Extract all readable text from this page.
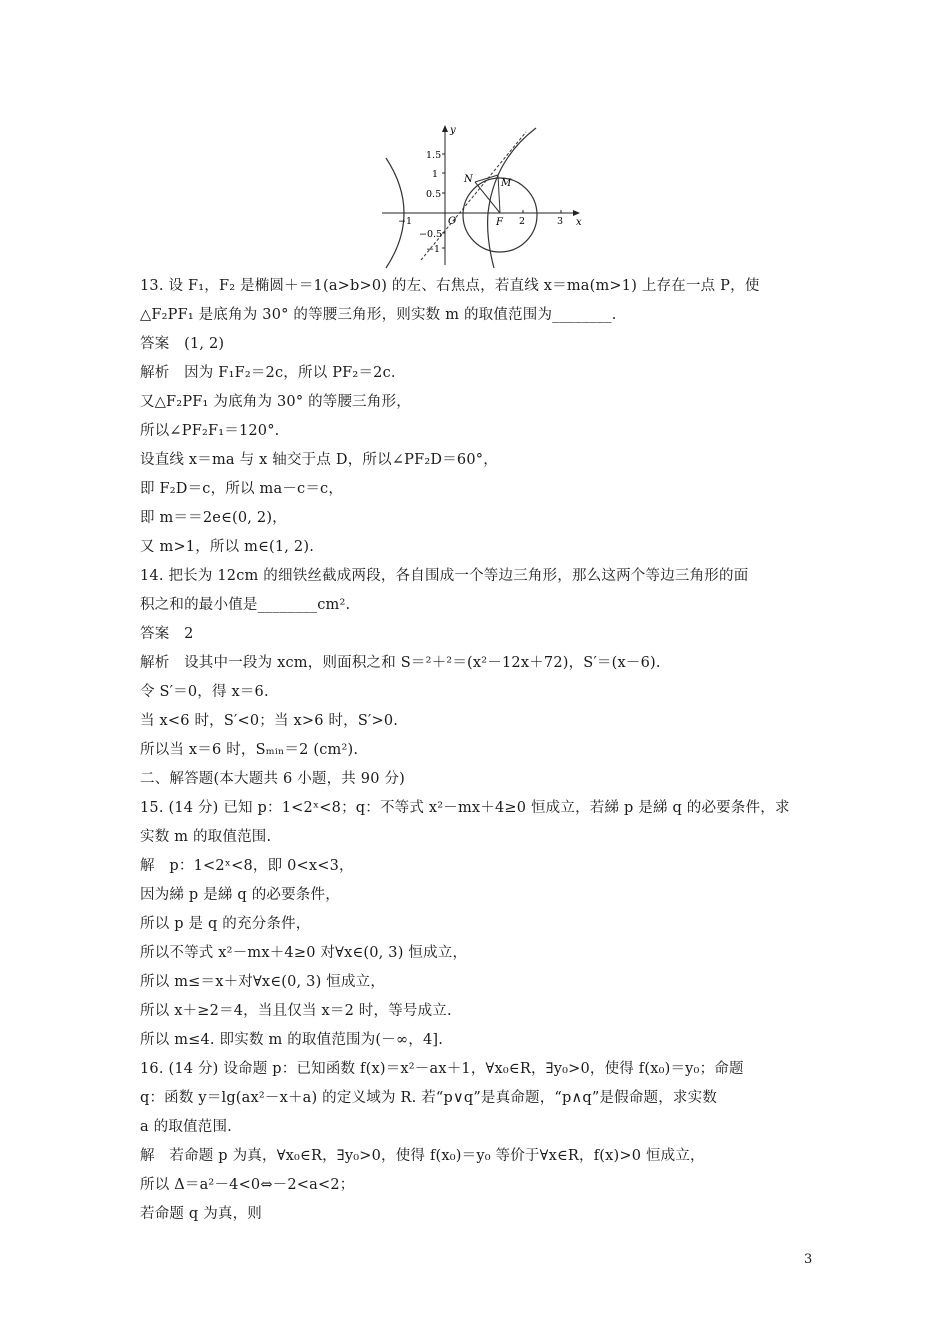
y
x
O
1.5
1
0.5
−0.5
−1
−1	2	3
N	M
F
13. 设 F₁，F₂ 是椭圆＋＝1(a>b>0) 的左、右焦点，若直线 x＝ma(m>1) 上存在一点 P，使
△F₂PF₁ 是底角为 30° 的等腰三角形，则实数 m 的取值范围为________.
答案　(1, 2)
解析　因为 F₁F₂＝2c，所以 PF₂＝2c.
又△F₂PF₁ 为底角为 30° 的等腰三角形，
所以∠PF₂F₁＝120°.
设直线 x＝ma 与 x 轴交于点 D，所以∠PF₂D＝60°，
即 F₂D＝c，所以 ma－c＝c，
即 m＝＝2e∈(0, 2)，
又 m>1，所以 m∈(1, 2).
14. 把长为 12cm 的细铁丝截成两段，各自围成一个等边三角形，那么这两个等边三角形的面
积之和的最小值是________cm².
答案　2
解析　设其中一段为 xcm，则面积之和 S＝²＋²＝(x²－12x＋72)，S′＝(x－6).
令 S′＝0，得 x＝6.
当 x<6 时，S′<0；当 x>6 时，S′>0.
所以当 x＝6 时，Sₘᵢₙ＝2 (cm²).
二、解答题(本大题共 6 小题，共 90 分)
15. (14 分) 已知 p：1<2ˣ<8；q：不等式 x²－mx＋4≥0 恒成立，若綈 p 是綈 q 的必要条件，求
实数 m 的取值范围.
解　p：1<2ˣ<8，即 0<x<3，
因为綈 p 是綈 q 的必要条件，
所以 p 是 q 的充分条件，
所以不等式 x²－mx＋4≥0 对∀x∈(0, 3) 恒成立，
所以 m≤＝x＋对∀x∈(0, 3) 恒成立，
所以 x＋≥2＝4，当且仅当 x＝2 时，等号成立.
所以 m≤4. 即实数 m 的取值范围为(－∞，4].
16. (14 分) 设命题 p：已知函数 f(x)＝x²－ax＋1，∀x₀∈R，∃y₀>0，使得 f(x₀)＝y₀；命题
q：函数 y＝lg(ax²－x＋a) 的定义域为 R. 若“p∨q”是真命题，“p∧q”是假命题，求实数
a 的取值范围.
解　若命题 p 为真，∀x₀∈R，∃y₀>0，使得 f(x₀)＝y₀ 等价于∀x∈R，f(x)>0 恒成立，
所以 Δ＝a²－4<0⇔－2<a<2；
若命题 q 为真，则
3
